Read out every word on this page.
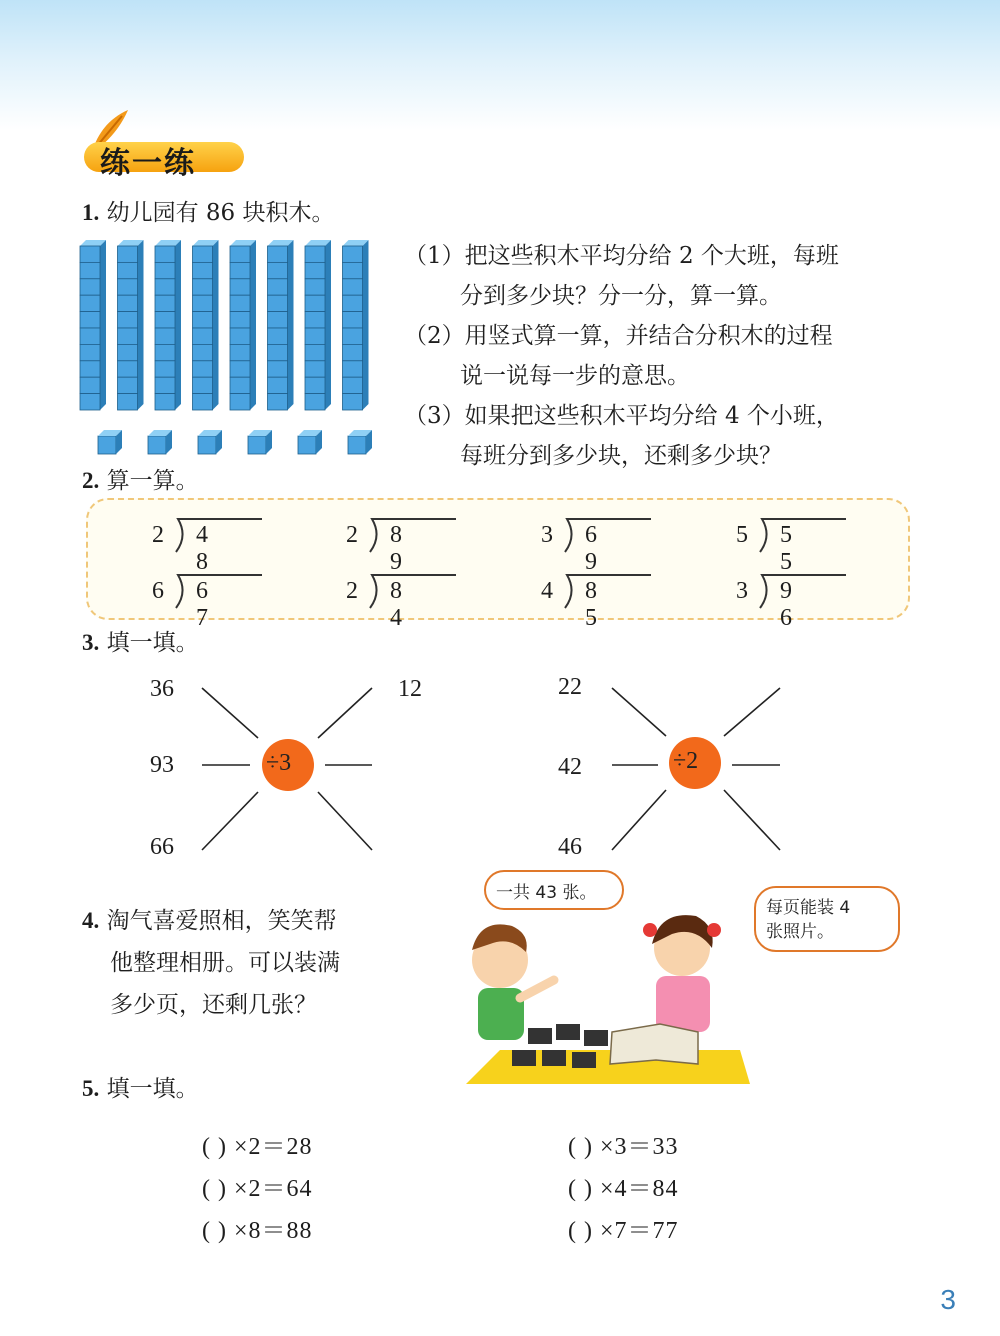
练一练
1. 幼儿园有 86 块积木。
（1）把这些积木平均分给 2 个大班，每班
分到多少块？分一分，算一算。
（2）用竖式算一算，并结合分积木的过程
说一说每一步的意思。
（3）如果把这些积木平均分给 4 个小班，
每班分到多少块，还剩多少块？
2. 算一算。
2 4 8
2 8 9
3 6 9
5 5 5
6 6 7
2 8 4
4 8 5
3 9 6
3. 填一填。
÷3	÷2
36	12
93
66
22
42
46
4. 淘气喜爱照相，笑笑帮
他整理相册。可以装满
多少页，还剩几张？
一共 43 张。
每页能装 4
张照片。
5. 填一填。
( ) ×2＝28
( ) ×2＝64
( ) ×8＝88
( ) ×3＝33
( ) ×4＝84
( ) ×7＝77
3
